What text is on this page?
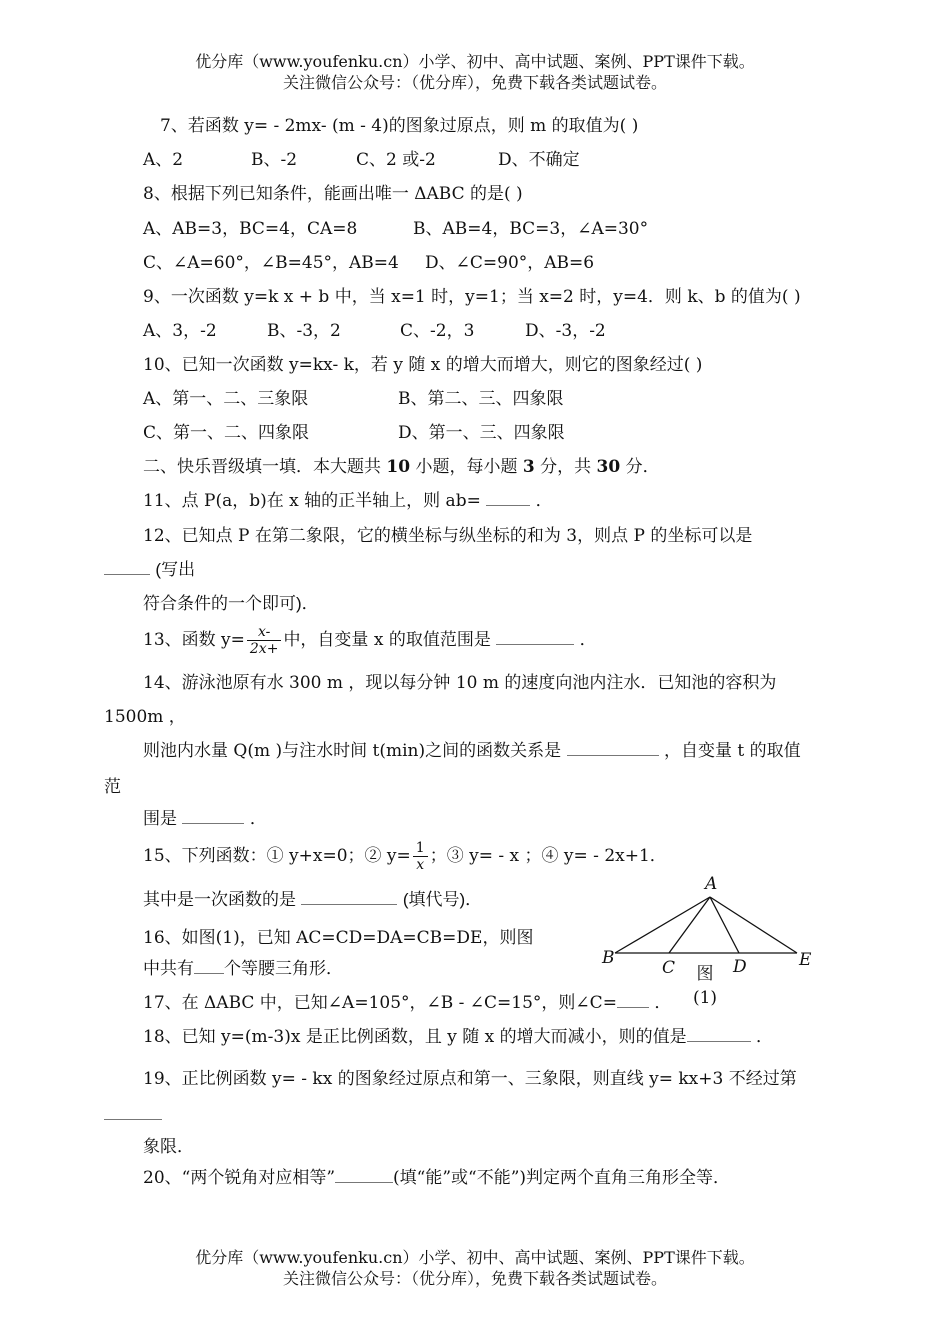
优分库（www.youfenku.cn）小学、初中、高中试题、案例、PPT课件下载。
关注微信公众号：（优分库），免费下载各类试题试卷。
7、若函数 y= - 2mx- (m - 4)的图象过原点，则 m 的取值为( )
A、2	B、-2	C、2 或-2	D、不确定
8、根据下列已知条件，能画出唯一 ΔABC 的是( )
A、AB=3，BC=4，CA=8	B、AB=4，BC=3，∠A=30°
C、∠A=60°，∠B=45°，AB=4 D、∠C=90°，AB=6
9、一次函数 y=k x + b 中，当 x=1 时，y=1；当 x=2 时，y=4．则 k、b 的值为( )
A、3，-2	B、-3，2	C、-2，3	D、-3，-2
10、已知一次函数 y=kx- k，若 y 随 x 的增大而增大，则它的图象经过( )
A、第一、二、三象限	B、第二、三、四象限
C、第一、二、四象限	D、第一、三、四象限
二、快乐晋级填一填．本大题共 10 小题，每小题 3 分，共 30 分．
11、点 P(a，b)在 x 轴的正半轴上，则 ab=	．
12、已知点 P 在第二象限，它的横坐标与纵坐标的和为 3，则点 P 的坐标可以是
(写出
符合条件的一个即可)．
13、函数 $y= \frac{x-}{2x+}$ 中，自变量 x 的取值范围是	．
14、游泳池原有水 300 m ，现以每分钟 10 m 的速度向池内注水．已知池的容积为
1500m ，
则池内水量 Q(m )与注水时间 t(min)之间的函数关系是	，自变量 t 的取值
范
围是	．
15、下列函数：① y+x=0；② $y= \frac{1}{x}$ ；③ y= - x ；④ y= - 2x+1．
其中是一次函数的是	(填代号)．
16、如图(1)，已知 AC=CD=DA=CB=DE，则图
中共有 个等腰三角形．
A
B	C	D	E
图
(1)
17、在 ΔABC 中，已知∠A=105°，∠B - ∠C=15°，则∠C= ．
18、已知 y=(m-3)x 是正比例函数，且 y 随 x 的增大而减小，则的值是	．
19、正比例函数 y= - kx 的图象经过原点和第一、三象限，则直线 y= kx+3 不经过第
象限．
20、“两个锐角对应相等”	(填“能”或“不能”)判定两个直角三角形全等．
优分库（www.youfenku.cn）小学、初中、高中试题、案例、PPT课件下载。
关注微信公众号：（优分库），免费下载各类试题试卷。
